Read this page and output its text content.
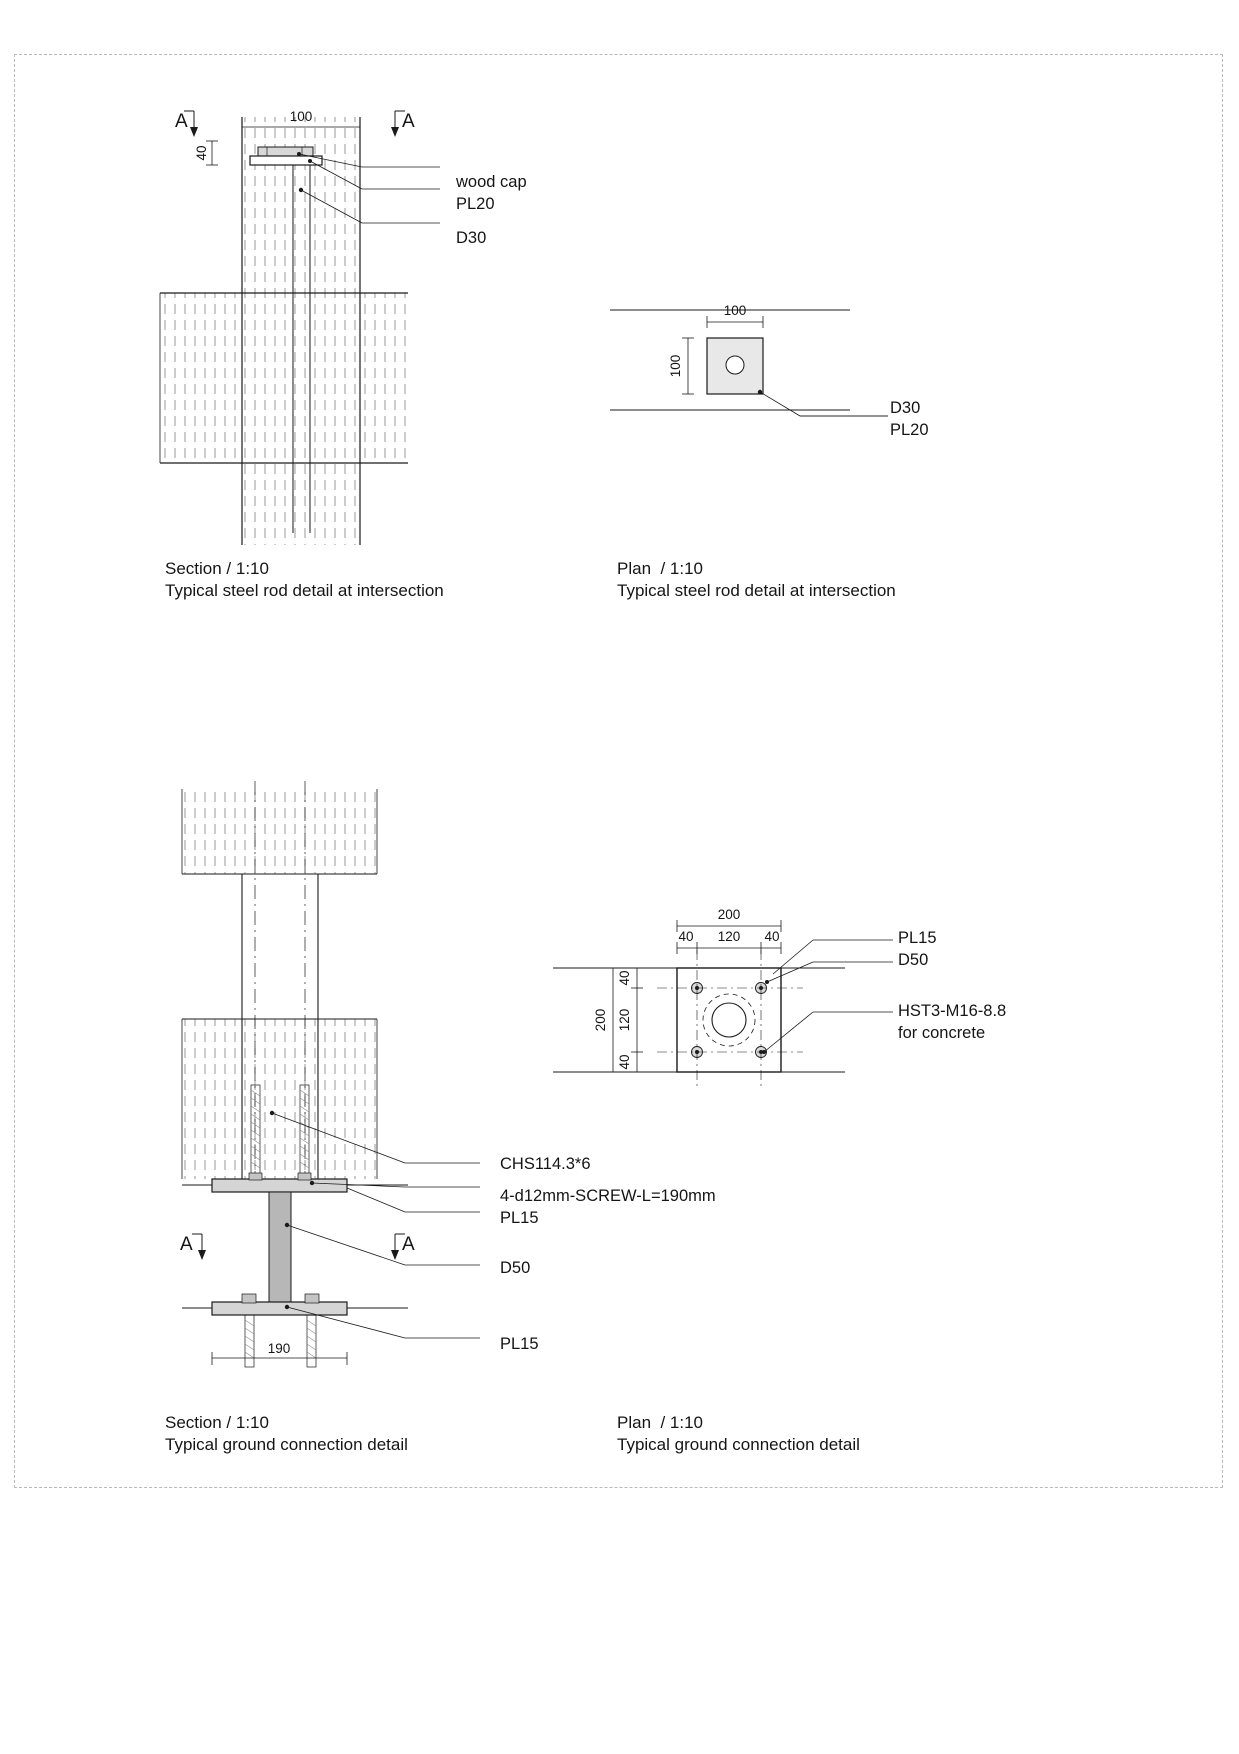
100
40
A	A
wood cap
PL20
D30
Section / 1:10
Typical steel rod detail at intersection
100
100
D30
PL20
Plan  / 1:10
Typical steel rod detail at intersection
190
A	A
CHS114.3*6
4-d12mm-SCREW-L=190mm
PL15
D50
PL15
Section / 1:10
Typical ground connection detail
200
40 120 40
200
40
120
40
PL15
D50
HST3-M16-8.8
for concrete
Plan  / 1:10
Typical ground connection detail
